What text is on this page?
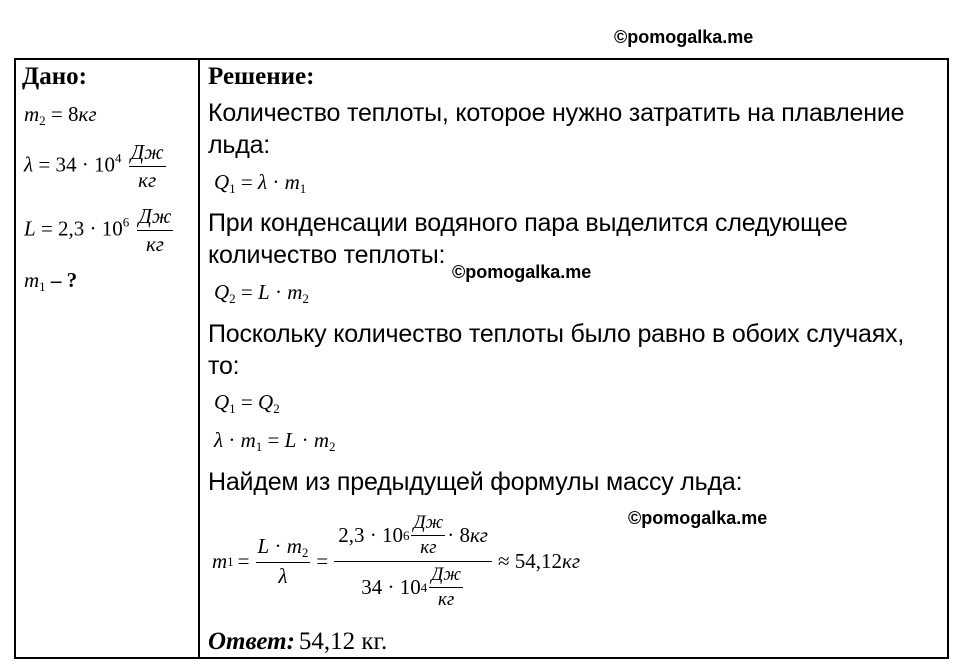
©pomogalka.me
©pomogalka.me
©pomogalka.me
Дано:
$m_2 = 8кг$
$\lambda = 34 \cdot 10^4 \frac{Дж}{кг}$
$L = 2,3 \cdot 10^6 \frac{Дж}{кг}$
$m_1$ – ?
Решение:
Количество теплоты, которое нужно затратить на плавление
льда:
$Q_1 = \lambda \cdot m_1$
При конденсации водяного пара выделится следующее
количество теплоты:
$Q_2 = L \cdot m_2$
Поскольку количество теплоты было равно в обоих случаях,
то:
$Q_1 = Q_2$
$\lambda \cdot m_1 = L \cdot m_2$
Найдем из предыдущей формулы массу льда:
m $1 = \frac{L \cdot m_2}{\lambda} = \frac{2,3 \cdot 10 6 \frac{Дж}{кг} \cdot 8 кг}{34 \cdot 10 4 \frac{Дж}{кг}} \approx 54,12$ кг
Ответ: 54,12 кг.
